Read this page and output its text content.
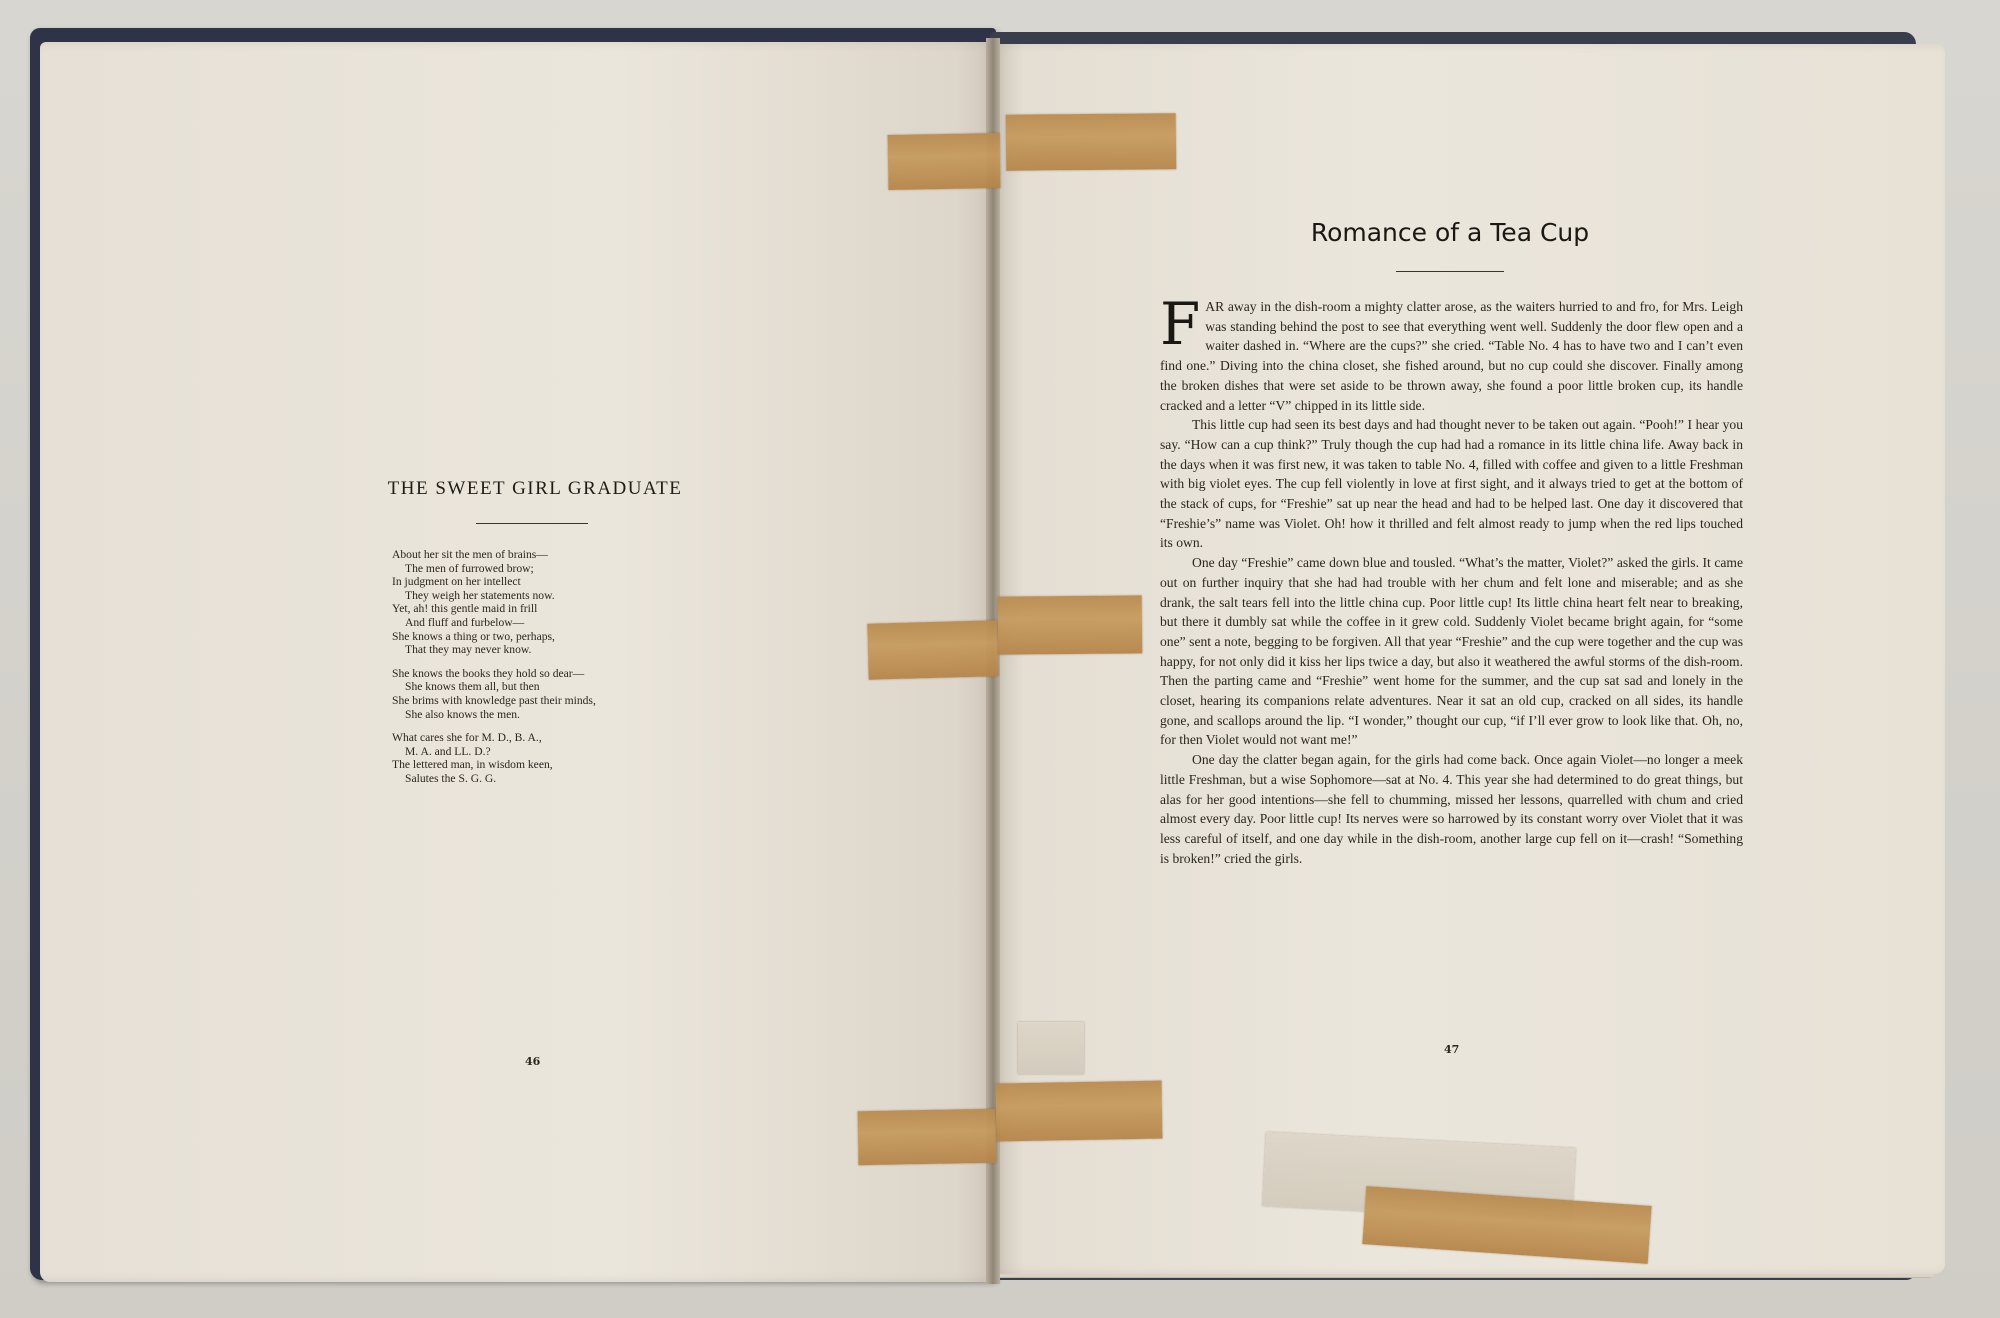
THE SWEET GIRL GRADUATE
About her sit the men of brains—
The men of furrowed brow;
In judgment on her intellect
They weigh her statements now.
Yet, ah! this gentle maid in frill
And fluff and furbelow—
She knows a thing or two, perhaps,
That they may never know.
She knows the books they hold so dear—
She knows them all, but then
She brims with knowledge past their minds,
She also knows the men.
What cares she for M. D., B. A.,
M. A. and LL. D.?
The lettered man, in wisdom keen,
Salutes the S. G. G.
46
Romance of a Tea Cup

FAR away in the dish-room a mighty clatter arose, as the waiters hurried to and fro, for Mrs. Leigh was standing behind the post to see that everything went well. Suddenly the door flew open and a waiter dashed in. “Where are the cups?” she cried. “Table No. 4 has to have two and I can’t even find one.” Diving into the china closet, she fished around, but no cup could she discover. Finally among the broken dishes that were set aside to be thrown away, she found a poor little broken cup, its handle cracked and a letter “V” chipped in its little side.

This little cup had seen its best days and had thought never to be taken out again. “Pooh!” I hear you say. “How can a cup think?” Truly though the cup had had a romance in its little china life. Away back in the days when it was first new, it was taken to table No. 4, filled with coffee and given to a little Freshman with big violet eyes. The cup fell violently in love at first sight, and it always tried to get at the bottom of the stack of cups, for “Freshie” sat up near the head and had to be helped last. One day it discovered that “Freshie’s” name was Violet. Oh! how it thrilled and felt almost ready to jump when the red lips touched its own.

One day “Freshie” came down blue and tousled. “What’s the matter, Violet?” asked the girls. It came out on further inquiry that she had had trouble with her chum and felt lone and miserable; and as she drank, the salt tears fell into the little china cup. Poor little cup! Its little china heart felt near to breaking, but there it dumbly sat while the coffee in it grew cold. Suddenly Violet became bright again, for “some one” sent a note, begging to be forgiven. All that year “Freshie” and the cup were together and the cup was happy, for not only did it kiss her lips twice a day, but also it weathered the awful storms of the dish-room. Then the parting came and “Freshie” went home for the summer, and the cup sat sad and lonely in the closet, hearing its companions relate adventures. Near it sat an old cup, cracked on all sides, its handle gone, and scallops around the lip. “I wonder,” thought our cup, “if I’ll ever grow to look like that. Oh, no, for then Violet would not want me!”

One day the clatter began again, for the girls had come back. Once again Violet—no longer a meek little Freshman, but a wise Sophomore—sat at No. 4. This year she had determined to do great things, but alas for her good intentions—she fell to chumming, missed her lessons, quarrelled with chum and cried almost every day. Poor little cup! Its nerves were so harrowed by its constant worry over Violet that it was less careful of itself, and one day while in the dish-room, another large cup fell on it—crash! “Something is broken!” cried the girls.

47
